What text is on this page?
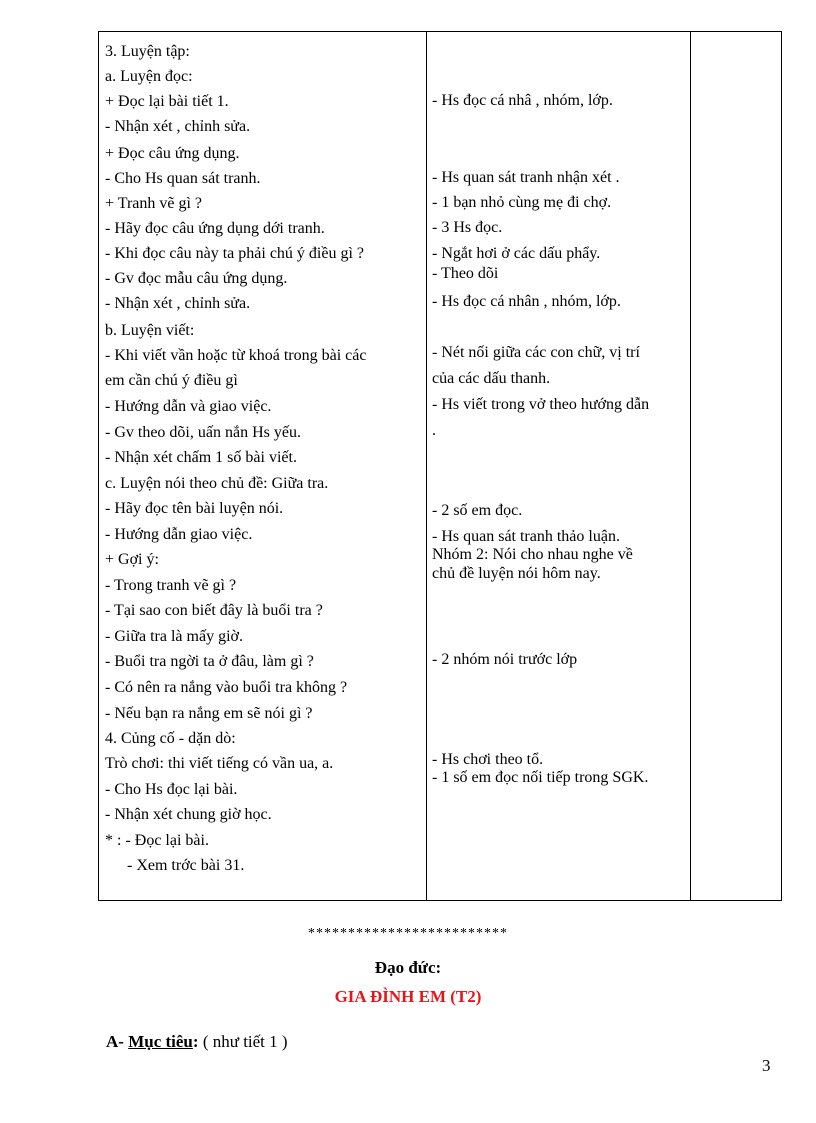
3. Luyện tập:
a. Luyện đọc:
+ Đọc lại bài tiết 1.
- Nhận xét , chỉnh sửa.
+ Đọc câu ứng dụng.
- Cho Hs quan sát tranh.
+ Tranh vẽ gì ?
- Hãy đọc câu ứng dụng dới tranh.
- Khi đọc câu này ta phải chú ý điều gì ?
- Gv đọc mẫu câu ứng dụng.
- Nhận xét , chỉnh sửa.
b. Luyện viết:
- Khi viết vần hoặc từ khoá trong bài các
em cần chú ý điều gì
- Hướng dẫn và giao việc.
- Gv theo dõi, uấn nắn Hs yếu.
- Nhận xét chấm 1 số bài viết.
c. Luyện nói theo chủ đề: Giữa tra.
- Hãy đọc tên bài luyện nói.
- Hướng dẫn giao việc.
+ Gợi ý:
- Trong tranh vẽ gì ?
- Tại sao con biết đây là buổi tra ?
- Giữa tra là mấy giờ.
- Buổi tra ngời ta ở đâu, làm gì ?
- Có nên ra nắng vào buổi tra không ?
- Nếu bạn ra nắng em sẽ nói gì ?
4. Củng cố - dặn dò:
Trò chơi: thi viết tiếng có vần ua, a.
- Cho Hs đọc lại bài.
- Nhận xét chung giờ học.
* : - Đọc lại bài.
- Xem trớc bài 31.
- Hs đọc cá nhâ , nhóm, lớp.
- Hs quan sát tranh nhận xét .
- 1 bạn nhỏ cùng mẹ đi chợ.
- 3 Hs đọc.
- Ngắt hơi ở các dấu phẩy.
- Theo dõi
- Hs đọc cá nhân , nhóm, lớp.
- Nét nối giữa các con chữ, vị trí
của các dấu thanh.
- Hs viết trong vở theo hướng dẫn
.
- 2 số em đọc.
- Hs quan sát tranh thảo luận.
Nhóm 2: Nói cho nhau nghe về
chủ đề luyện nói hôm nay.
- 2 nhóm nói trước lớp
- Hs chơi theo tổ.
- 1 số em đọc nối tiếp trong SGK.
*************************
Đạo đức:
GIA ĐÌNH EM (T2)
A- Mục tiêu: ( như tiết 1 )
3
